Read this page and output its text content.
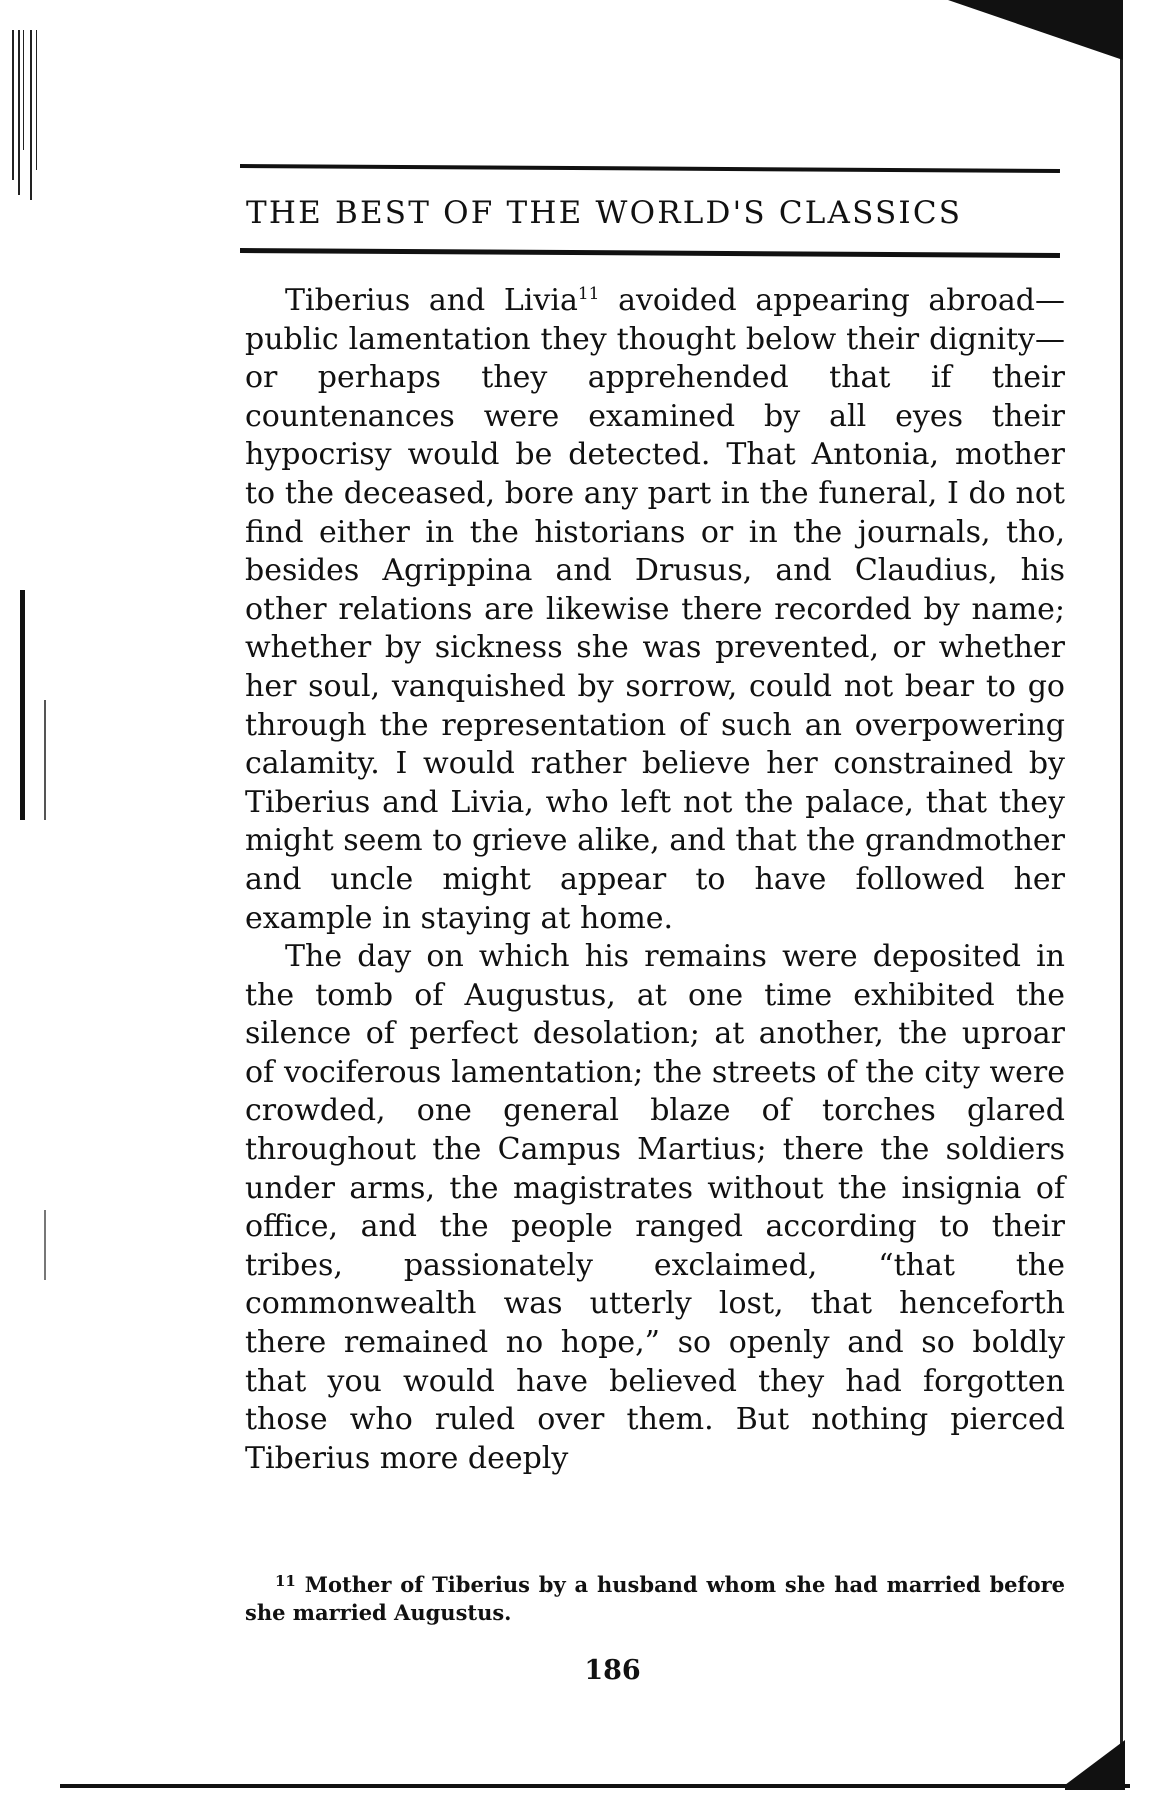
THE BEST OF THE WORLD'S CLASSICS

Tiberius and Livia$^{11}$ avoided appearing abroad—public lamentation they thought below their dignity—or perhaps they apprehended that if their countenances were examined by all eyes their hypocrisy would be detected. That Antonia, mother to the deceased, bore any part in the funeral, I do not find either in the historians or in the journals, tho, besides Agrippina and Drusus, and Claudius, his other relations are likewise there recorded by name; whether by sickness she was prevented, or whether her soul, vanquished by sorrow, could not bear to go through the representation of such an overpowering calamity. I would rather believe her constrained by Tiberius and Livia, who left not the palace, that they might seem to grieve alike, and that the grandmother and uncle might appear to have followed her example in staying at home.

The day on which his remains were deposited in the tomb of Augustus, at one time exhibited the silence of perfect desolation; at another, the uproar of vociferous lamentation; the streets of the city were crowded, one general blaze of torches glared throughout the Campus Martius; there the soldiers under arms, the magistrates without the insignia of office, and the people ranged according to their tribes, passionately exclaimed, “that the commonwealth was utterly lost, that henceforth there remained no hope,” so openly and so boldly that you would have believed they had forgotten those who ruled over them. But nothing pierced Tiberius more deeply

$^{11}$ Mother of Tiberius by a husband whom she had married before she married Augustus.
186
